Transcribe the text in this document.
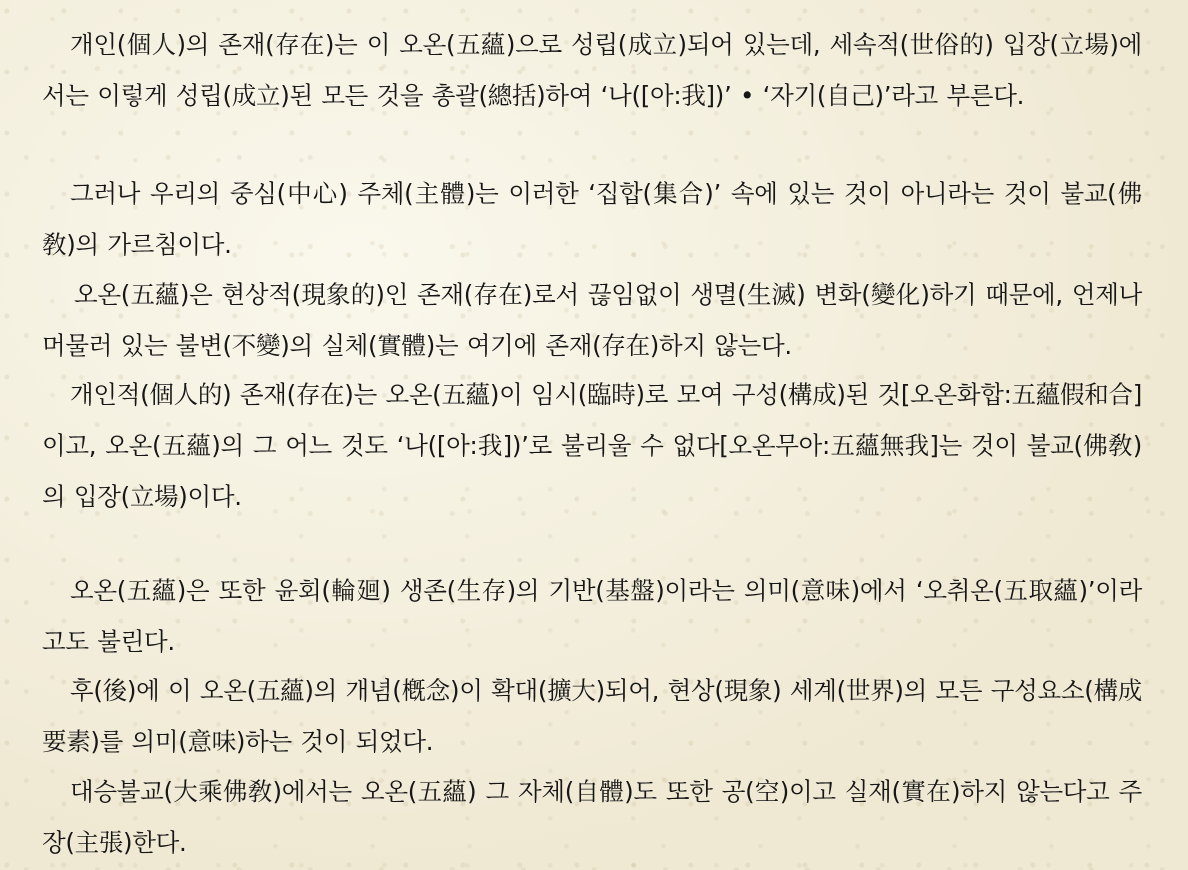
개인(個人)의 존재(存在)는 이 오온(五蘊)으로 성립(成立)되어 있는데, 세속적(世俗的) 입장(立場)에서는 이렇게 성립(成立)된 모든 것을 총괄(總括)하여 ‘나([아:我])’ • ‘자기(自己)’라고 부른다.

그러나 우리의 중심(中心) 주체(主體)는 이러한 ‘집합(集合)’ 속에 있는 것이 아니라는 것이 불교(佛敎)의 가르침이다.

오온(五蘊)은 현상적(現象的)인 존재(存在)로서 끊임없이 생멸(生滅) 변화(變化)하기 때문에, 언제나 머물러 있는 불변(不變)의 실체(實體)는 여기에 존재(存在)하지 않는다.

개인적(個人的) 존재(存在)는 오온(五蘊)이 임시(臨時)로 모여 구성(構成)된 것[오온화합:五蘊假和合]이고, 오온(五蘊)의 그 어느 것도 ‘나([아:我])’로 불리울 수 없다[오온무아:五蘊無我]는 것이 불교(佛敎)의 입장(立場)이다.

오온(五蘊)은 또한 윤회(輪廻) 생존(生存)의 기반(基盤)이라는 의미(意味)에서 ‘오취온(五取蘊)’이라고도 불린다.

후(後)에 이 오온(五蘊)의 개념(槪念)이 확대(擴大)되어, 현상(現象) 세계(世界)의 모든 구성요소(構成要素)를 의미(意味)하는 것이 되었다.

대승불교(大乘佛敎)에서는 오온(五蘊) 그 자체(自體)도 또한 공(空)이고 실재(實在)하지 않는다고 주장(主張)한다.
